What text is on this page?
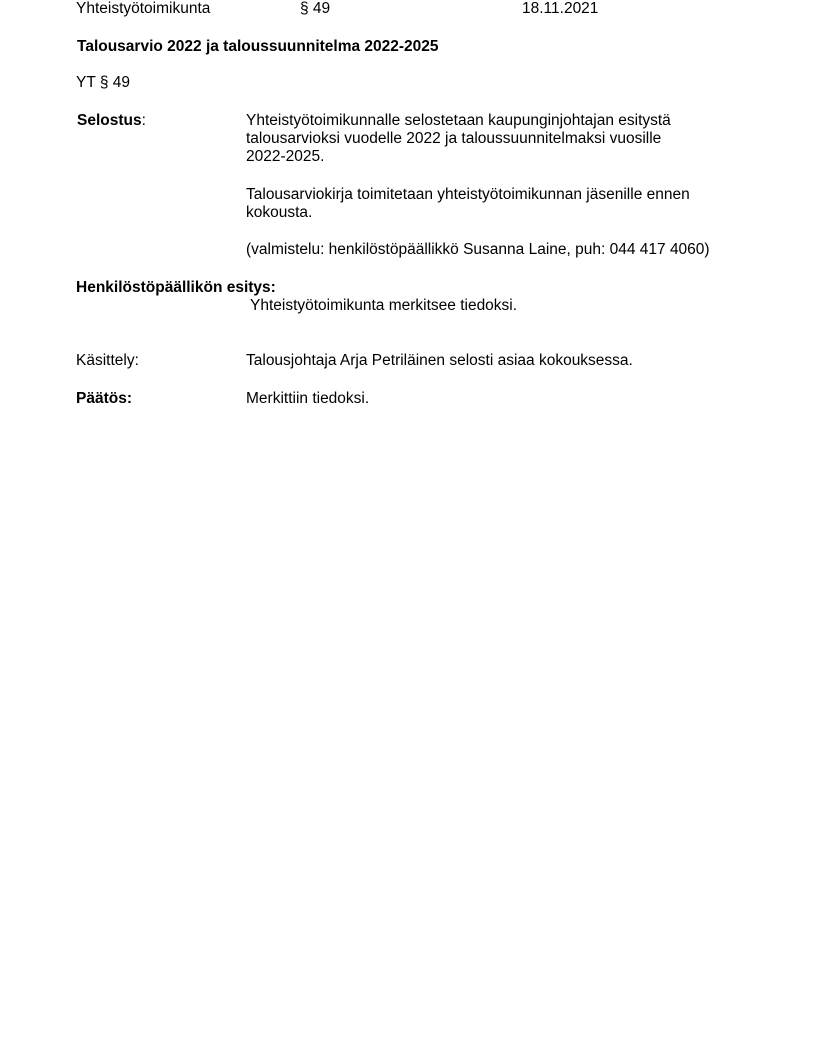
Yhteistyötoimikunta	§ 49	18.11.2021
Talousarvio 2022 ja taloussuunnitelma 2022-2025
YT § 49
Selostus:	Yhteistyötoimikunnalle selostetaan kaupunginjohtajan esitystä
talousarvioksi vuodelle 2022 ja taloussuunnitelmaksi vuosille
2022-2025.
Talousarviokirja toimitetaan yhteistyötoimikunnan jäsenille ennen
kokousta.
(valmistelu: henkilöstöpäällikkö Susanna Laine, puh: 044 417 4060)
Henkilöstöpäällikön esitys:
Yhteistyötoimikunta merkitsee tiedoksi.
Käsittely:	Talousjohtaja Arja Petriläinen selosti asiaa kokouksessa.
Päätös:	Merkittiin tiedoksi.
